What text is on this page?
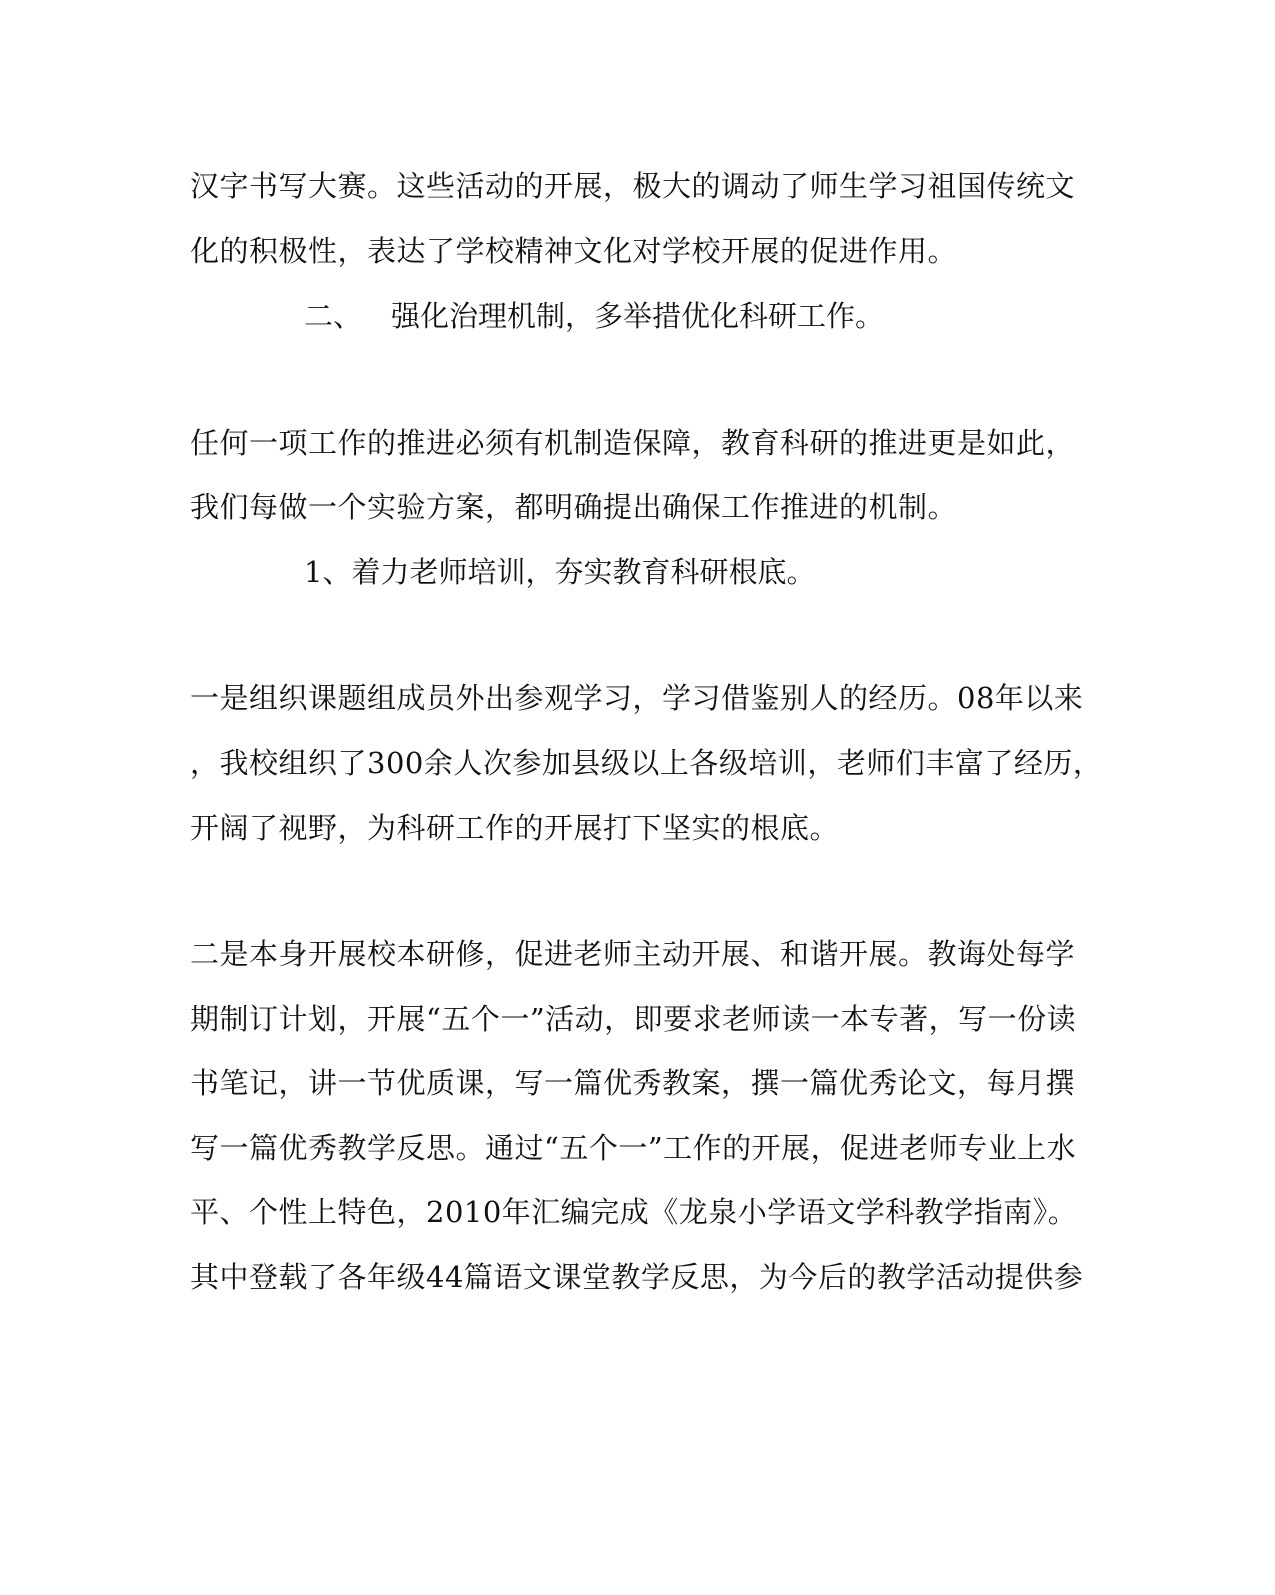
汉字书写大赛。这些活动的开展，极大的调动了师生学习祖国传统文
化的积极性，表达了学校精神文化对学校开展的促进作用。
二、 强化治理机制，多举措优化科研工作。
任何一项工作的推进必须有机制造保障，教育科研的推进更是如此，
我们每做一个实验方案，都明确提出确保工作推进的机制。
1、着力老师培训，夯实教育科研根底。
一是组织课题组成员外出参观学习，学习借鉴别人的经历。08年以来
，我校组织了300余人次参加县级以上各级培训，老师们丰富了经历，
开阔了视野，为科研工作的开展打下坚实的根底。
二是本身开展校本研修，促进老师主动开展、和谐开展。教诲处每学
期制订计划，开展“五个一”活动，即要求老师读一本专著，写一份读
书笔记，讲一节优质课，写一篇优秀教案，撰一篇优秀论文，每月撰
写一篇优秀教学反思。通过“五个一”工作的开展，促进老师专业上水
平、个性上特色，2010年汇编完成《龙泉小学语文学科教学指南》。
其中登载了各年级44篇语文课堂教学反思，为今后的教学活动提供参
